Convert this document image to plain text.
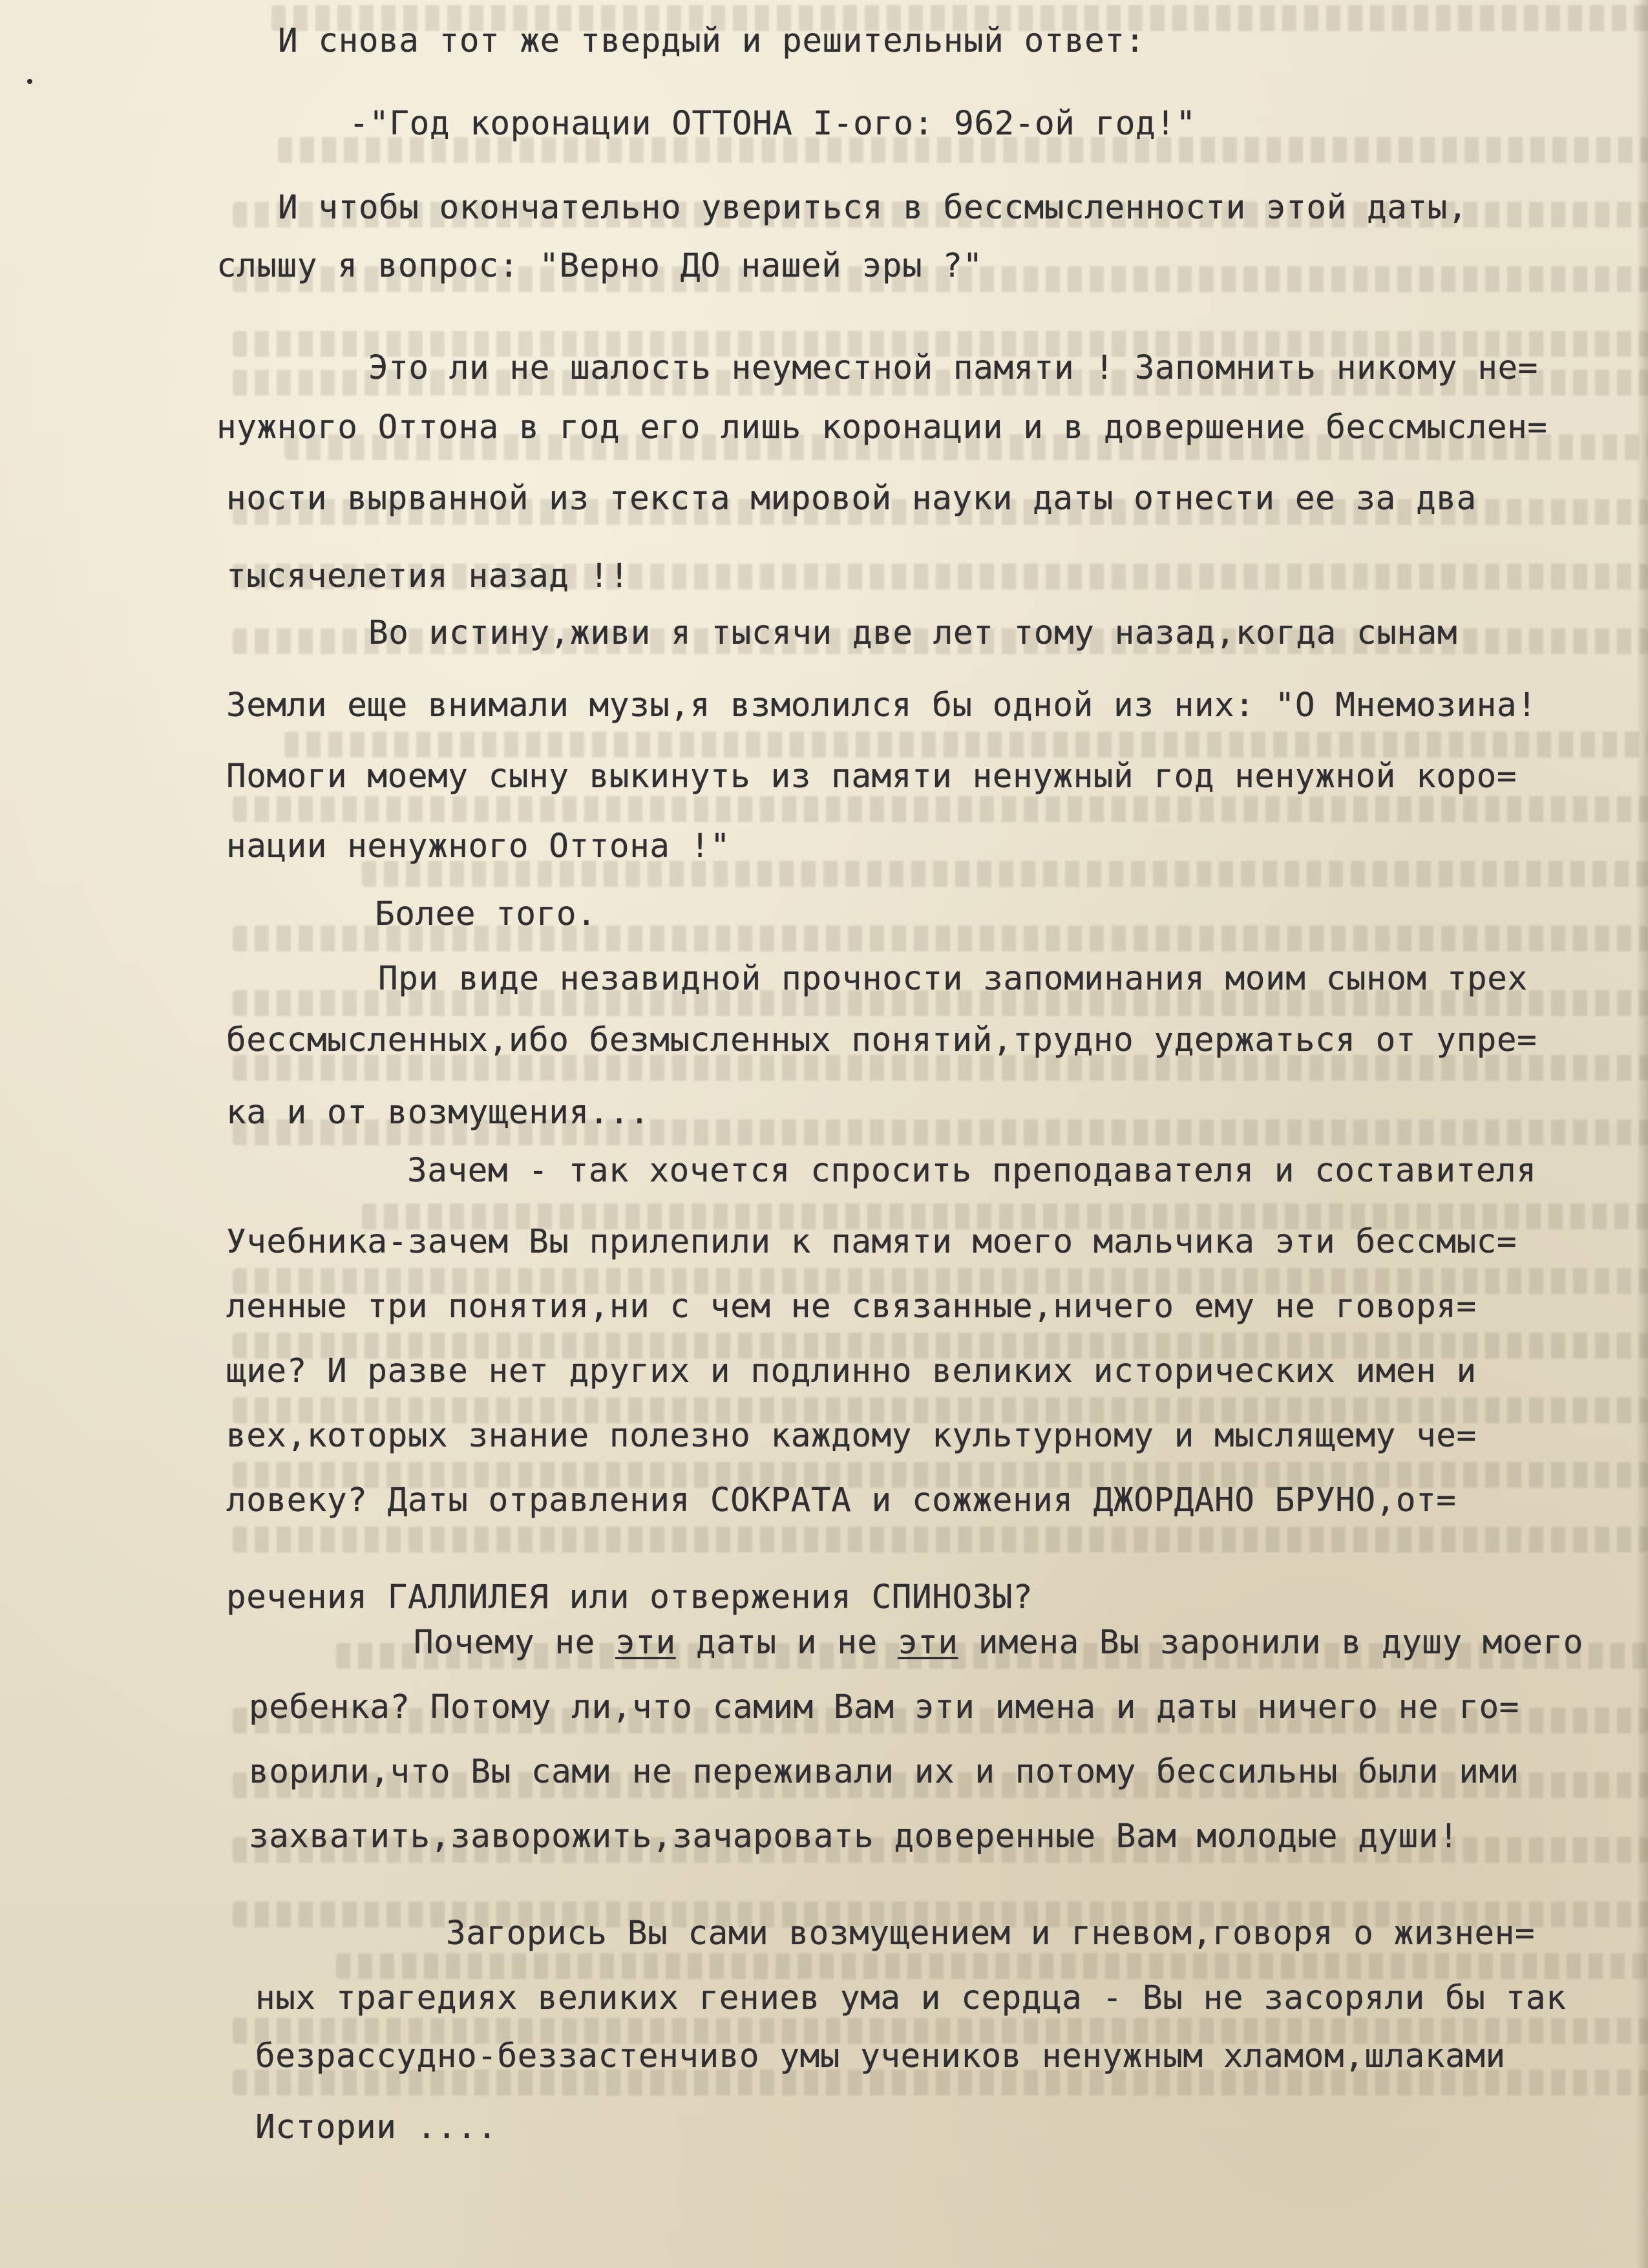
И снова тот же твердый и решительный ответ:
-"Год коронации ОТТОНА I-ого: 962-ой год!"
И чтобы окончательно увериться в бессмысленности этой даты,
слышу я вопрос: "Верно ДО нашей эры ?"
Это ли не шалость неуместной памяти ! Запомнить никому не=
нужного Оттона в год его лишь коронации и в довершение бессмыслен=
ности вырванной из текста мировой науки даты отнести ее за два
тысячелетия назад !!
Во истину,живи я тысячи две лет тому назад,когда сынам
Земли еще внимали музы,я взмолился бы одной из них: "О Мнемозина!
Помоги моему сыну выкинуть из памяти ненужный год ненужной коро=
нации ненужного Оттона !"
Более того.
При виде незавидной прочности запоминания моим сыном трех
бессмысленных,ибо безмысленных понятий,трудно удержаться от упре=
ка и от возмущения...
Зачем - так хочется спросить преподавателя и составителя
Учебника-зачем Вы прилепили к памяти моего мальчика эти бессмыс=
ленные три понятия,ни с чем не связанные,ничего ему не говоря=
щие? И разве нет других и подлинно великих исторических имен и
вех,которых знание полезно каждому культурному и мыслящему че=
ловеку? Даты отравления СОКРАТА и сожжения ДЖОРДАНО БРУНО,от=
речения ГАЛЛИЛЕЯ или отвержения СПИНОЗЫ?
Почему не эти даты и не эти имена Вы заронили в душу моего
ребенка? Потому ли,что самим Вам эти имена и даты ничего не го=
ворили,что Вы сами не переживали их и потому бессильны были ими
захватить,заворожить,зачаровать доверенные Вам молодые души!
Загорись Вы сами возмущением и гневом,говоря о жизнен=
ных трагедиях великих гениев ума и сердца - Вы не засоряли бы так
безрассудно-беззастенчиво умы учеников ненужным хламом,шлаками
Истории ....
